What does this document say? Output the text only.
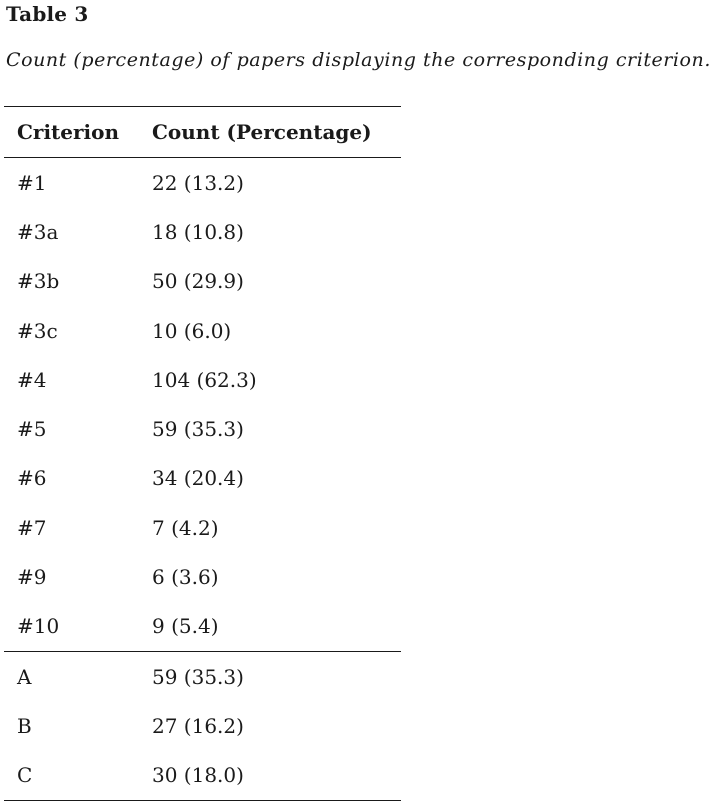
Table 3
Count (percentage) of papers displaying the corresponding criterion.
Criterion	Count (Percentage)
#1	22 (13.2)
#3a	18 (10.8)
#3b	50 (29.9)
#3c	10 (6.0)
#4	104 (62.3)
#5	59 (35.3)
#6	34 (20.4)
#7	7 (4.2)
#9	6 (3.6)
#10	9 (5.4)
A	59 (35.3)
B	27 (16.2)
C	30 (18.0)
